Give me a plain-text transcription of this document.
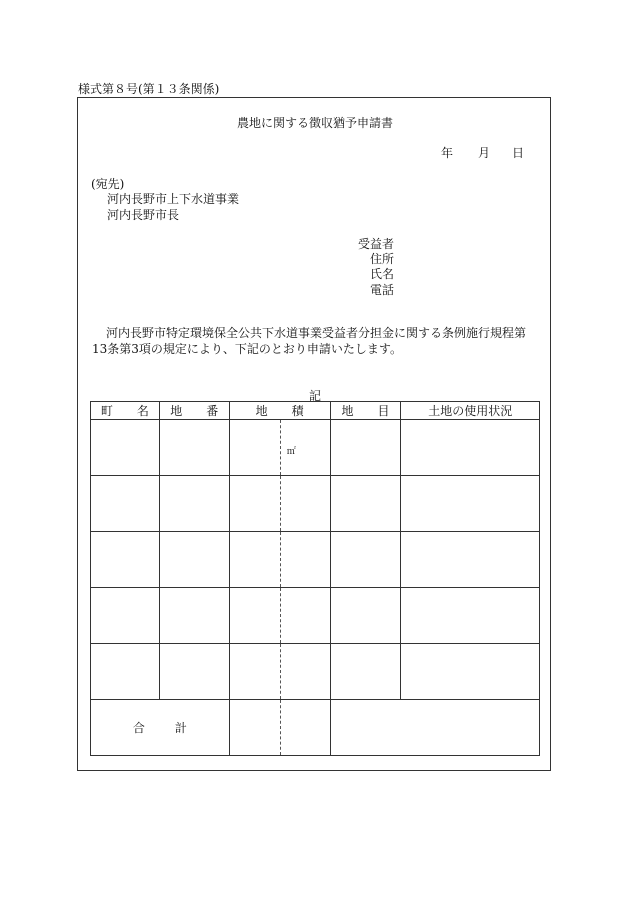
様式第８号(第１３条関係)
農地に関する徴収猶予申請書
年 月 日
(宛先)
河内長野市上下水道事業
河内長野市長
受益者
住所
氏名
電話
河内長野市特定環境保全公共下水道事業受益者分担金に関する条例施行規程第13条第3項の規定により、下記のとおり申請いたします。
記
町　　名	地　　番	地　　積	地　　目	土地の使用状況

		㎡		

合計				
